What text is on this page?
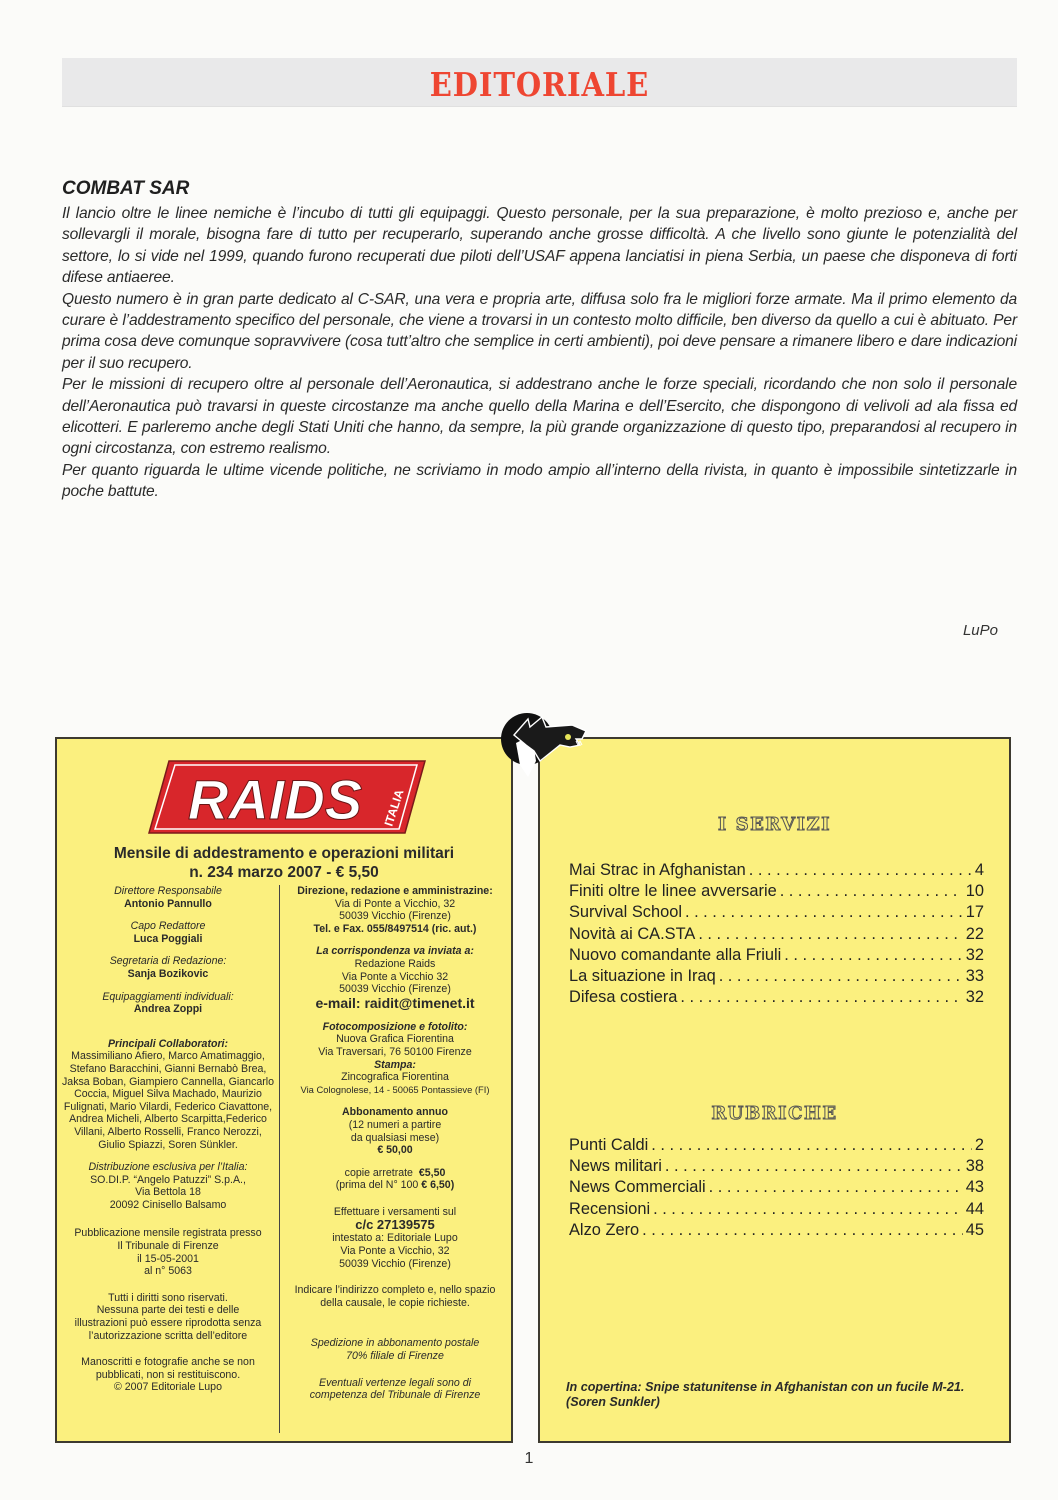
EDITORIALE
COMBAT SAR

Il lancio oltre le linee nemiche è l’incubo di tutti gli equipaggi. Questo personale, per la sua preparazione, è molto prezioso e, anche per sollevargli il morale, bisogna fare di tutto per recuperarlo, superando anche grosse difficoltà. A che livello sono giunte le potenzialità del settore, lo si vide nel 1999, quando furono recuperati due piloti dell’USAF appena lanciatisi in piena Serbia, un paese che disponeva di forti difese antiaeree.

Questo numero è in gran parte dedicato al C-SAR, una vera e propria arte, diffusa solo fra le migliori forze armate. Ma il primo elemento da curare è l’addestramento specifico del personale, che viene a trovarsi in un contesto molto difficile, ben diverso da quello a cui è abituato. Per prima cosa deve comunque sopravvivere (cosa tutt’altro che semplice in certi ambienti), poi deve pensare a rimanere libero e dare indicazioni per il suo recupero.

Per le missioni di recupero oltre al personale dell’Aeronautica, si addestrano anche le forze speciali, ricordando che non solo il personale dell’Aeronautica può travarsi in queste circostanze ma anche quello della Marina e dell’Esercito, che dispongono di velivoli ad ala fissa ed elicotteri. E parleremo anche degli Stati Uniti che hanno, da sempre, la più grande organizzazione di questo tipo, preparandosi al recupero in ogni circostanza, con estremo realismo.

Per quanto riguarda le ultime vicende politiche, ne scriviamo in modo ampio all’interno della rivista, in quanto è impossibile sintetizzarle in poche battute.

LuPo
RAIDS ITALIA
Mensile di addestramento e operazioni militari
n. 234 marzo 2007 - € 5,50
Direttore Responsabile
Antonio Pannullo
Capo Redattore
Luca Poggiali
Segretaria di Redazione:
Sanja Bozikovic
Equipaggiamenti individuali:
Andrea Zoppi
Principali Collaboratori:
Massimiliano Afiero, Marco Amatimaggio, Stefano Baracchini, Gianni Bernabò Brea, Jaksa Boban, Giampiero Cannella, Giancarlo Coccia, Miguel Silva Machado, Maurizio Fulignati, Mario Vilardi, Federico Ciavattone, Andrea Micheli, Alberto Scarpitta,Federico Villani, Alberto Rosselli, Franco Nerozzi, Giulio Spiazzi, Soren Sünkler.
Distribuzione esclusiva per l’Italia:
SO.DI.P. “Angelo Patuzzi” S.p.A.,
Via Bettola 18
20092 Cinisello Balsamo
Pubblicazione mensile registrata presso
Il Tribunale di Firenze
il 15-05-2001
al n° 5063
Tutti i diritti sono riservati.
Nessuna parte dei testi e delle
illustrazioni può essere riprodotta senza
l’autorizzazione scritta dell’editore
Manoscritti e fotografie anche se non
pubblicati, non si restituiscono.
© 2007 Editoriale Lupo
Direzione, redazione e amministrazine:
Via di Ponte a Vicchio, 32
50039 Vicchio (Firenze)
Tel. e Fax. 055/8497514 (ric. aut.)
La corrispondenza va inviata a:
Redazione Raids
Via Ponte a Vicchio 32
50039 Vicchio (Firenze)
e-mail: raidit@timenet.it
Fotocomposizione e fotolito:
Nuova Grafica Fiorentina
Via Traversari, 76 50100 Firenze
Stampa:
Zincografica Fiorentina
Via Colognolese, 14 - 50065 Pontassieve (FI)
Abbonamento annuo
(12 numeri a partire
da qualsiasi mese)
€ 50,00
copie arretrate €5,50
(prima del N° 100 € 6,50)
Effettuare i versamenti sul
c/c 27139575
intestato a: Editoriale Lupo
Via Ponte a Vicchio, 32
50039 Vicchio (Firenze)
Indicare l’indirizzo completo e, nello spazio
della causale, le copie richieste.
Spedizione in abbonamento postale
70% filiale di Firenze
Eventuali vertenze legali sono di
competenza del Tribunale di Firenze
I SERVIZI
Mai Strac in Afghanistan . . .	4
Finiti oltre le linee avversarie . . .	10
Survival School . . .	17
Novità ai CA.STA . . .	22
Nuovo comandante alla Friuli . . .	32
La situazione in Iraq . . .	33
Difesa costiera . . .	32
RUBRICHE
Punti Caldi . . .	2
News militari . . .	38
News Commerciali . . .	43
Recensioni . . .	44
Alzo Zero . . .	45
In copertina: Snipe statunitense in Afghanistan con un fucile M-21. (Soren Sunkler)
1
